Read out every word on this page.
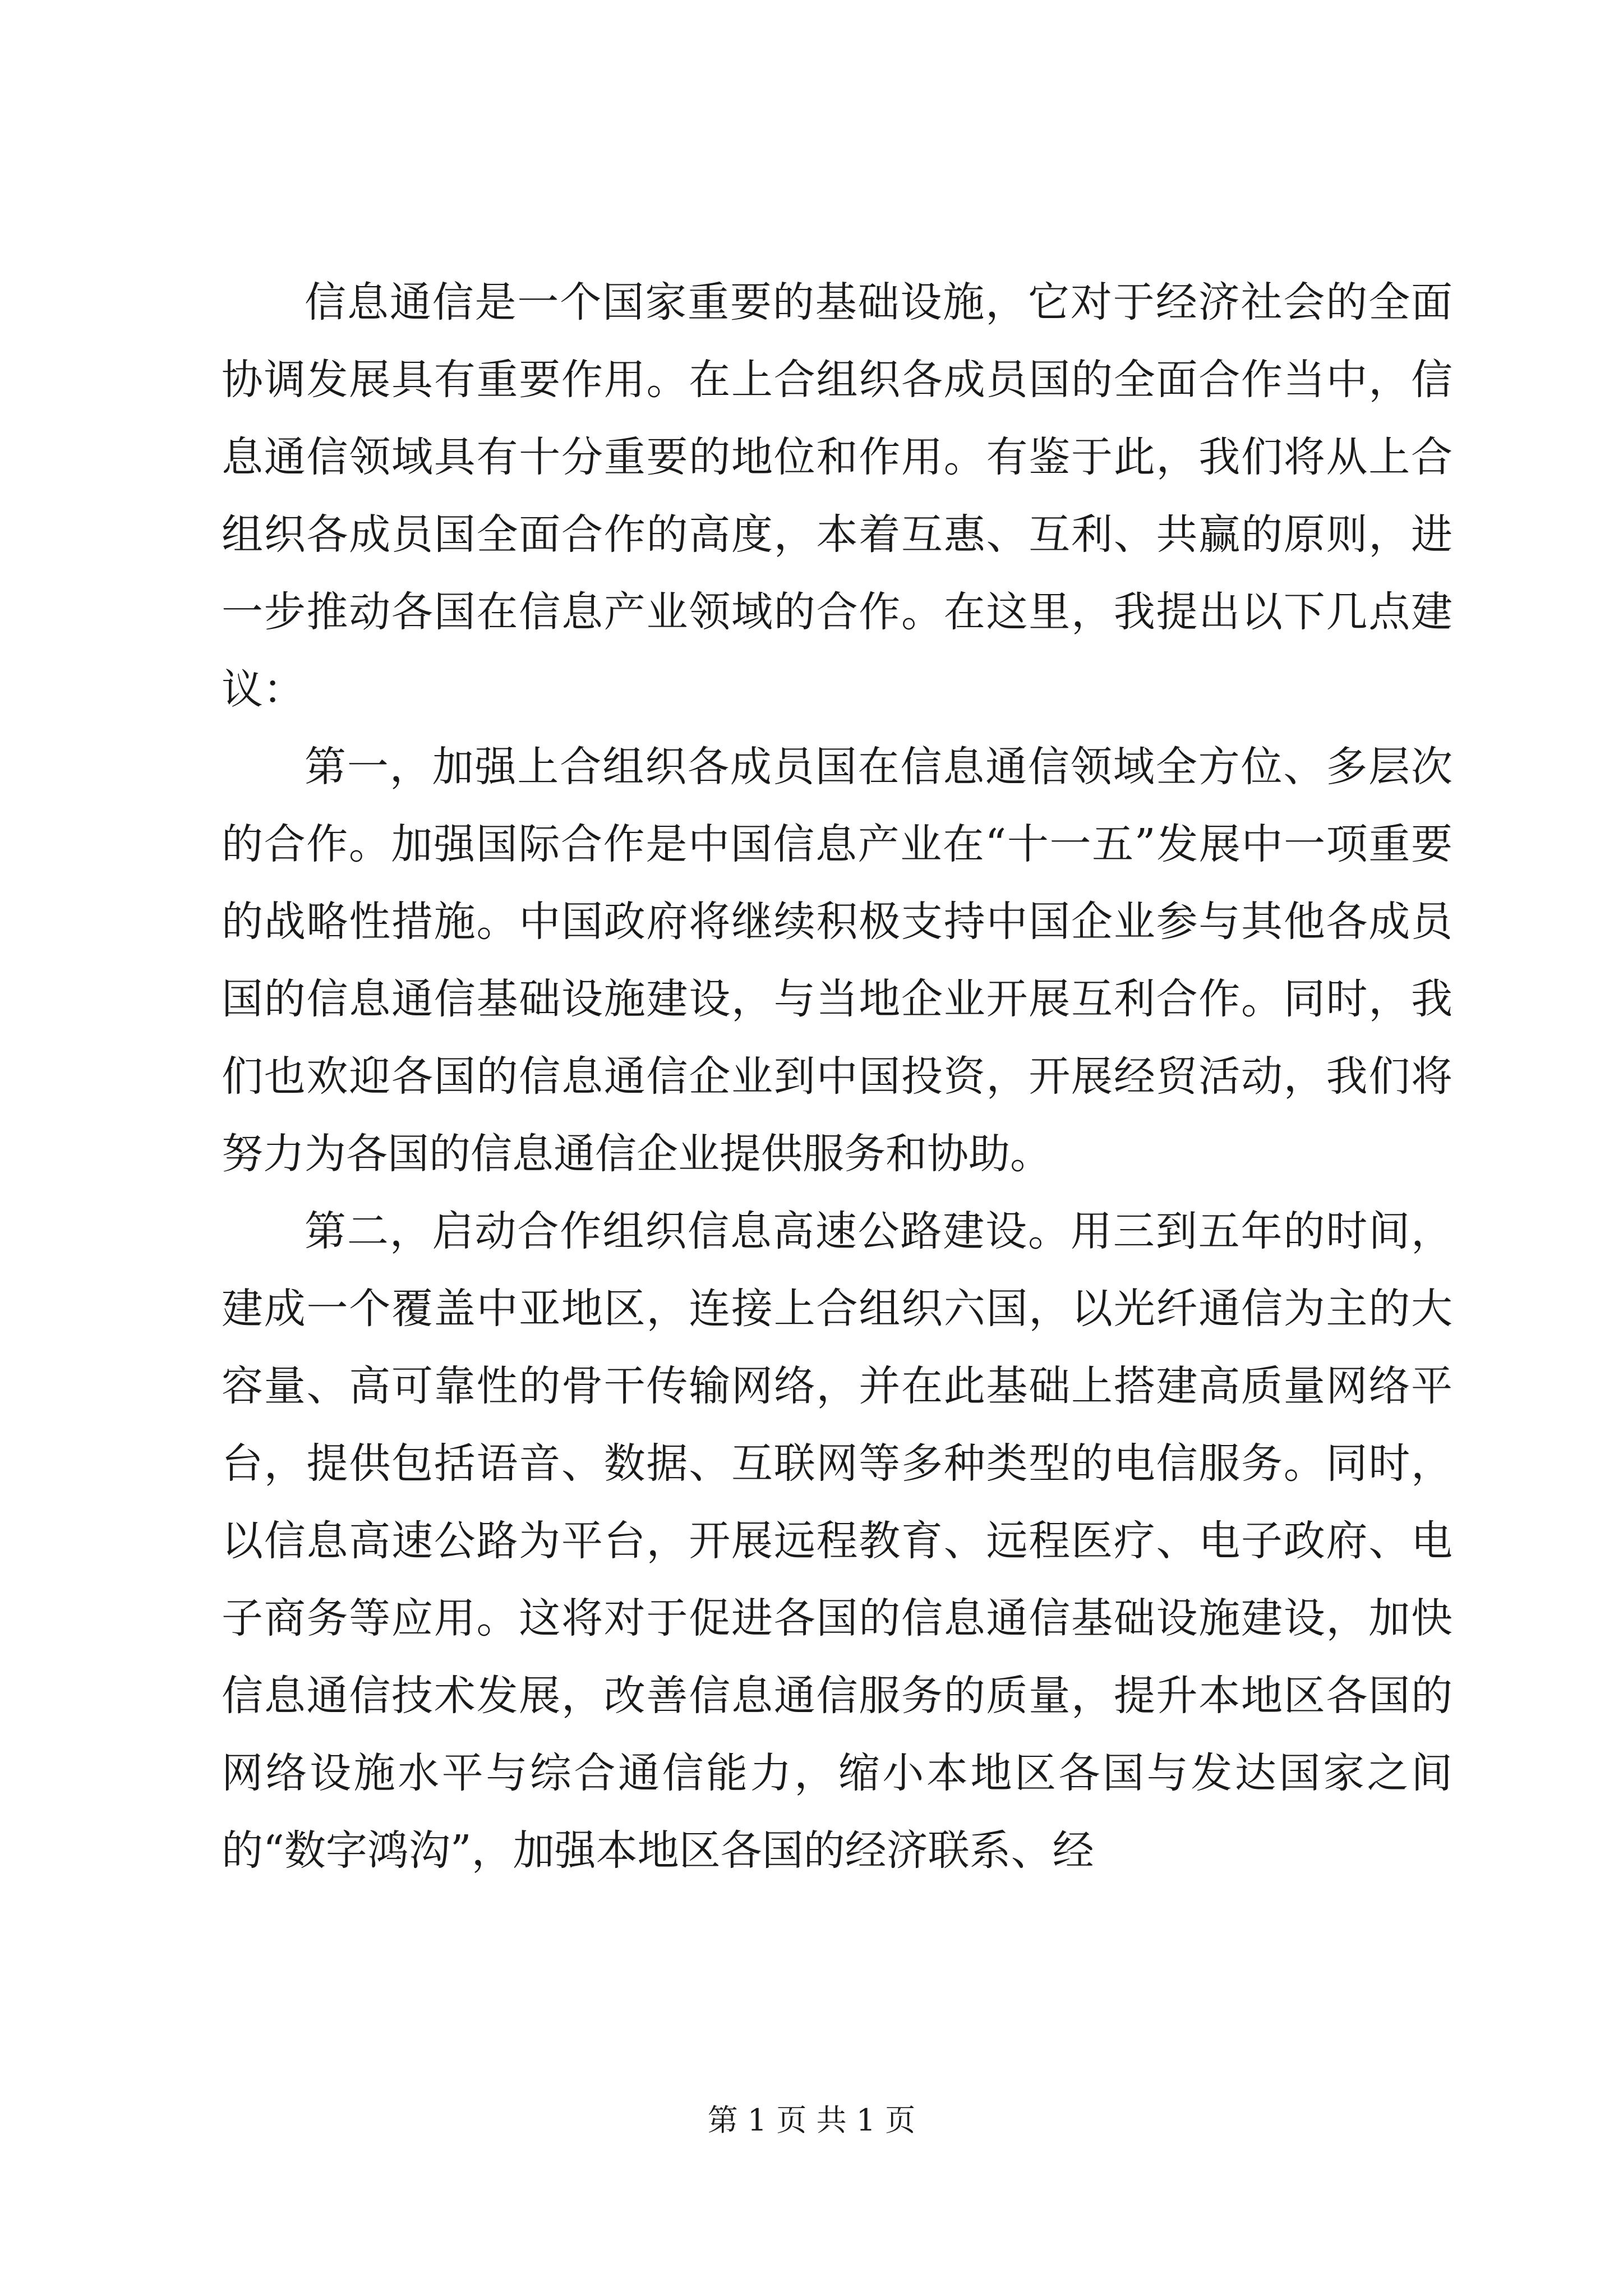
信息通信是一个国家重要的基础设施，它对于经济社会的全面协调发展具有重要作用。在上合组织各成员国的全面合作当中，信息通信领域具有十分重要的地位和作用。有鉴于此，我们将从上合组织各成员国全面合作的高度，本着互惠、互利、共赢的原则，进一步推动各国在信息产业领域的合作。在这里，我提出以下几点建议：

第一，加强上合组织各成员国在信息通信领域全方位、多层次的合作。加强国际合作是中国信息产业在“十一五”发展中一项重要的战略性措施。中国政府将继续积极支持中国企业参与其他各成员国的信息通信基础设施建设，与当地企业开展互利合作。同时，我们也欢迎各国的信息通信企业到中国投资，开展经贸活动，我们将努力为各国的信息通信企业提供服务和协助。

第二，启动合作组织信息高速公路建设。用三到五年的时间，建成一个覆盖中亚地区，连接上合组织六国，以光纤通信为主的大容量、高可靠性的骨干传输网络，并在此基础上搭建高质量网络平台，提供包括语音、数据、互联网等多种类型的电信服务。同时，以信息高速公路为平台，开展远程教育、远程医疗、电子政府、电子商务等应用。这将对于促进各国的信息通信基础设施建设，加快信息通信技术发展，改善信息通信服务的质量，提升本地区各国的网络设施水平与综合通信能力，缩小本地区各国与发达国家之间的“数字鸿沟”，加强本地区各国的经济联系、经

第 1 页 共 1 页
